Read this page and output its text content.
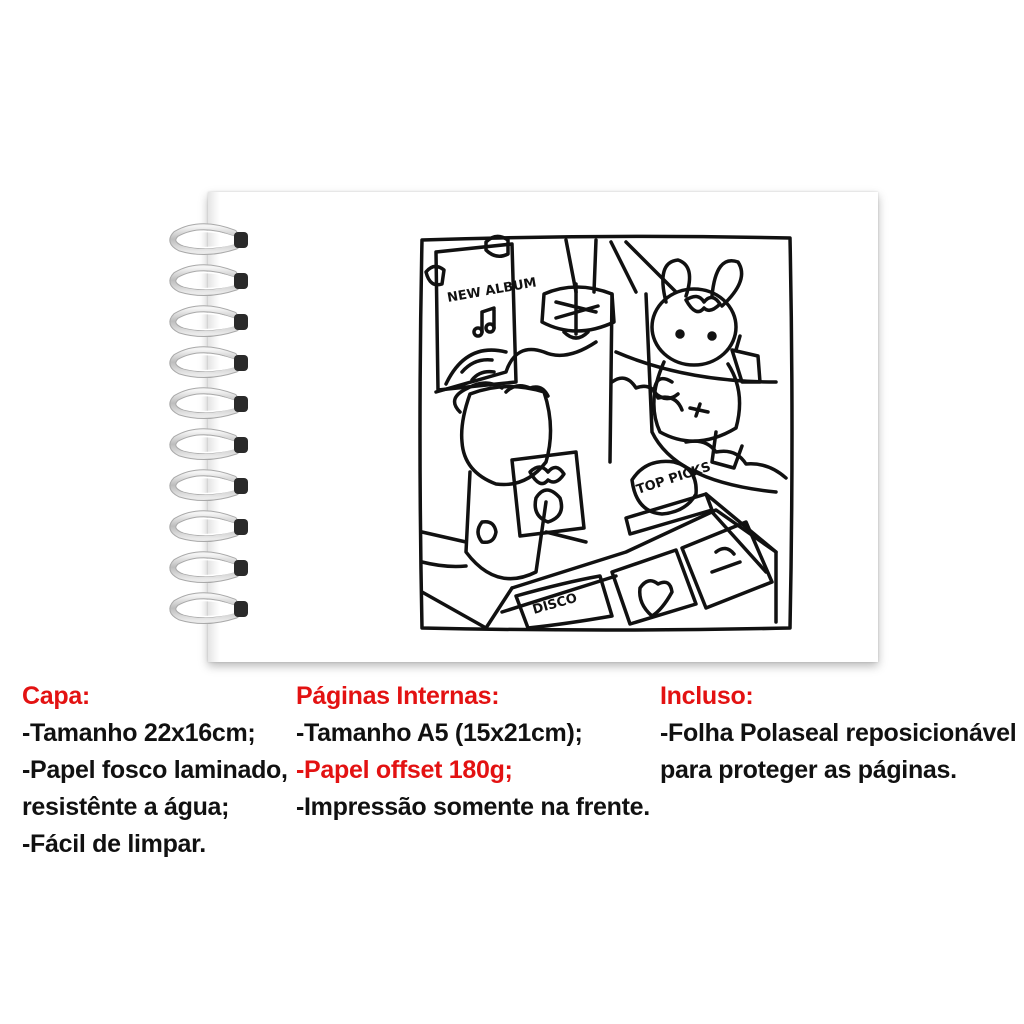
NEW ALBUM
TOP PICKS
DISCO
Capa:
-Tamanho 22x16cm;
-Papel fosco laminado,
resistênte a água;
-Fácil de limpar.
Páginas Internas:
-Tamanho A5 (15x21cm);
-Papel offset 180g;
-Impressão somente na frente.
Incluso:
-Folha Polaseal reposicionável
para proteger as páginas.
